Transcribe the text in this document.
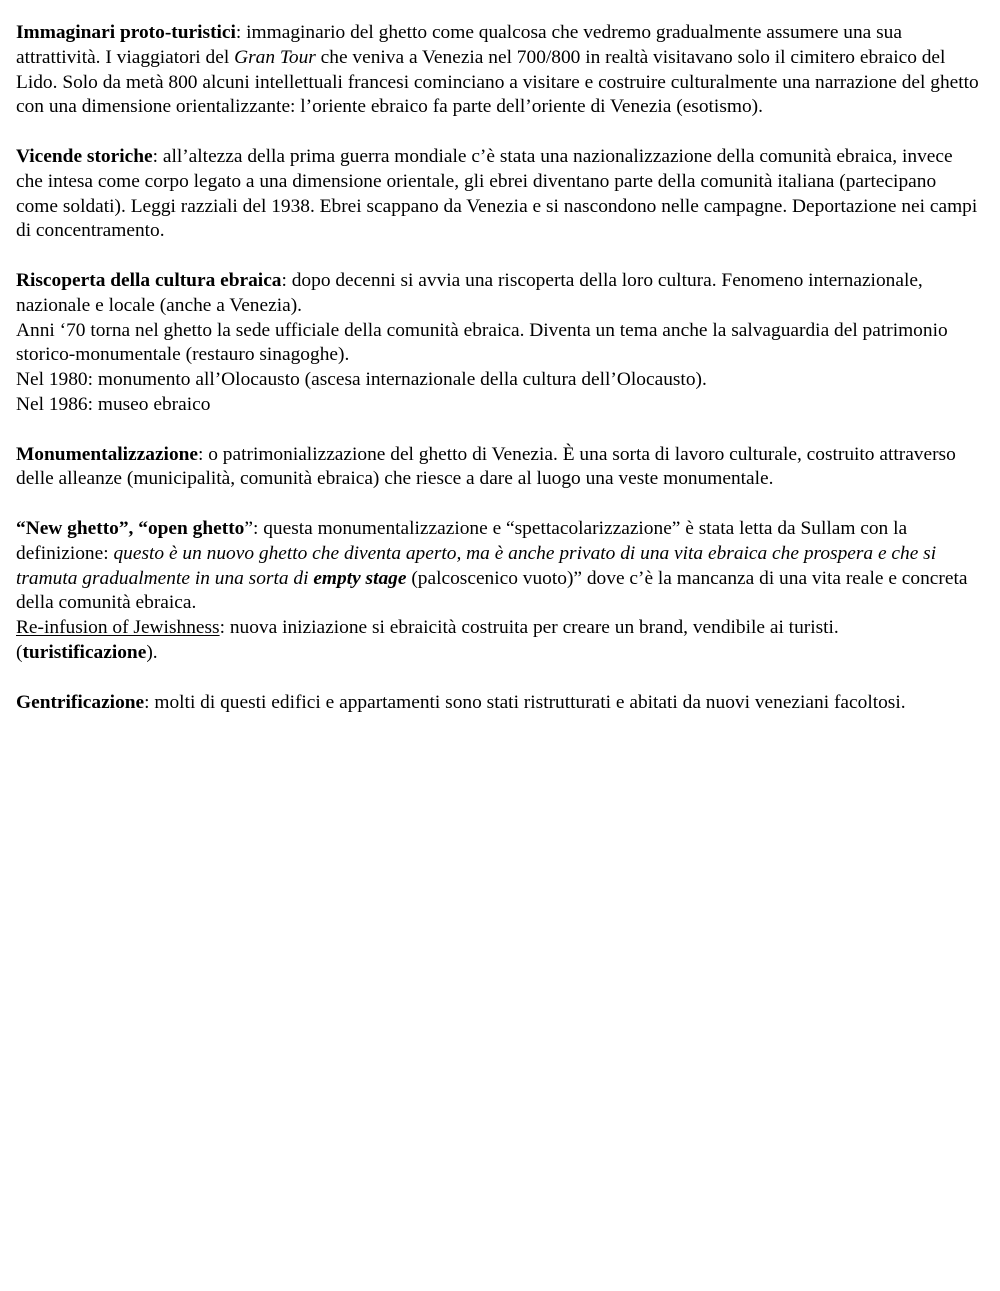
Immaginari proto-turistici: immaginario del ghetto come qualcosa che vedremo gradualmente assumere una sua attrattività. I viaggiatori del Gran Tour che veniva a Venezia nel 700/800 in realtà visitavano solo il cimitero ebraico del Lido. Solo da metà 800 alcuni intellettuali francesi cominciano a visitare e costruire culturalmente una narrazione del ghetto con una dimensione orientalizzante: l’oriente ebraico fa parte dell’oriente di Venezia (esotismo).

Vicende storiche: all’altezza della prima guerra mondiale c’è stata una nazionalizzazione della comunità ebraica, invece che intesa come corpo legato a una dimensione orientale, gli ebrei diventano parte della comunità italiana (partecipano come soldati). Leggi razziali del 1938. Ebrei scappano da Venezia e si nascondono nelle campagne. Deportazione nei campi di concentramento.

Riscoperta della cultura ebraica: dopo decenni si avvia una riscoperta della loro cultura. Fenomeno internazionale, nazionale e locale (anche a Venezia).

Anni ‘70 torna nel ghetto la sede ufficiale della comunità ebraica. Diventa un tema anche la salvaguardia del patrimonio storico-monumentale (restauro sinagoghe).

Nel 1980: monumento all’Olocausto (ascesa internazionale della cultura dell’Olocausto).

Nel 1986: museo ebraico

Monumentalizzazione: o patrimonializzazione del ghetto di Venezia. È una sorta di lavoro culturale, costruito attraverso delle alleanze (municipalità, comunità ebraica) che riesce a dare al luogo una veste monumentale.

“New ghetto”, “open ghetto”: questa monumentalizzazione e “spettacolarizzazione” è stata letta da Sullam con la definizione: questo è un nuovo ghetto che diventa aperto, ma è anche privato di una vita ebraica che prospera e che si tramuta gradualmente in una sorta di empty stage (palcoscenico vuoto)” dove c’è la mancanza di una vita reale e concreta della comunità ebraica.

Re-infusion of Jewishness: nuova iniziazione si ebraicità costruita per creare un brand, vendibile ai turisti. (turistificazione).

Gentrificazione: molti di questi edifici e appartamenti sono stati ristrutturati e abitati da nuovi veneziani facoltosi.
